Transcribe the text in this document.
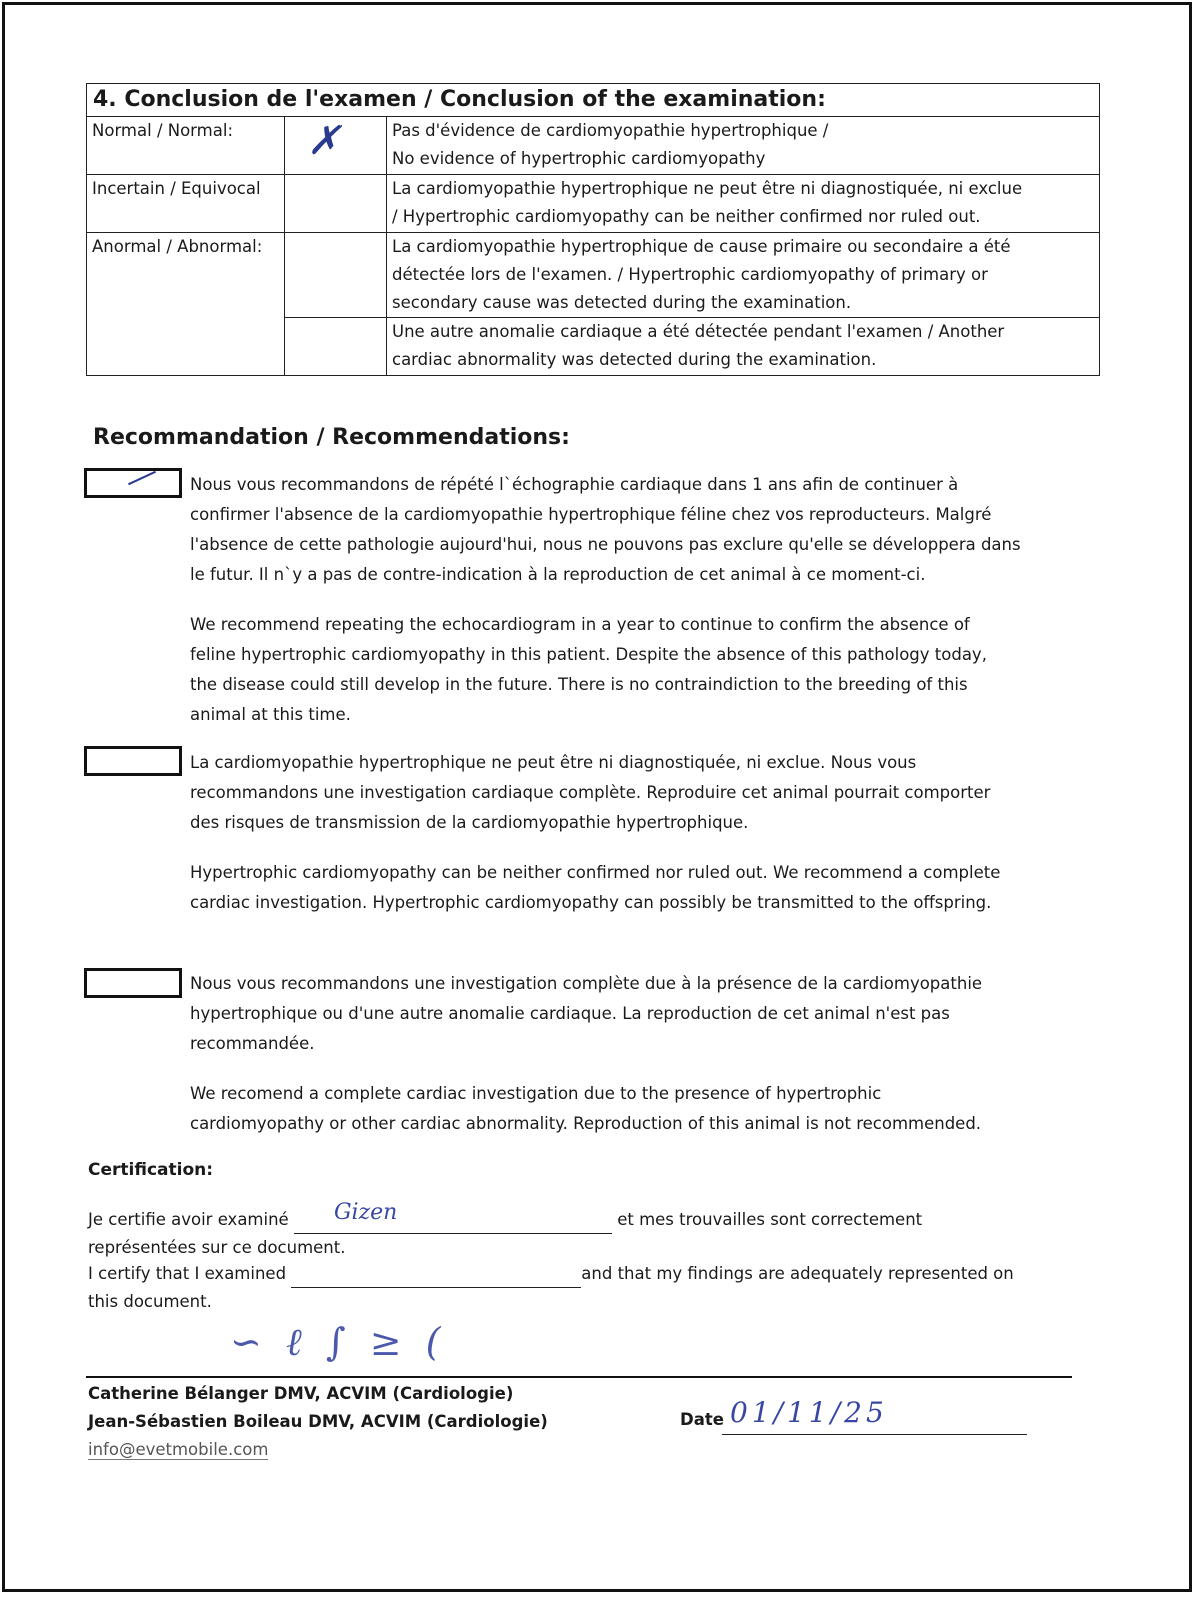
4. Conclusion de l'examen / Conclusion of the examination:		
Normal / Normal:	✗	Pas d'évidence de cardiomyopathie hypertrophique /
No evidence of hypertrophic cardiomyopathy

Incertain / Equivocal		La cardiomyopathie hypertrophique ne peut être ni diagnostiquée, ni exclue
/ Hypertrophic cardiomyopathy can be neither confirmed nor ruled out.

Anormal / Abnormal:		La cardiomyopathie hypertrophique de cause primaire ou secondaire a été
détectée lors de l'examen. / Hypertrophic cardiomyopathy of primary or
secondary cause was detected during the examination.

		Une autre anomalie cardiaque a été détectée pendant l'examen / Another
cardiac abnormality was detected during the examination.
Recommandation / Recommendations:

Nous vous recommandons de répété l`échographie cardiaque dans 1 ans afin de continuer à

confirmer l'absence de la cardiomyopathie hypertrophique féline chez vos reproducteurs. Malgré

l'absence de cette pathologie aujourd'hui, nous ne pouvons pas exclure qu'elle se développera dans

le futur. Il n`y a pas de contre-indication à la reproduction de cet animal à ce moment-ci.

We recommend repeating the echocardiogram in a year to continue to confirm the absence of

feline hypertrophic cardiomyopathy in this patient. Despite the absence of this pathology today,

the disease could still develop in the future. There is no contraindiction to the breeding of this

animal at this time.

La cardiomyopathie hypertrophique ne peut être ni diagnostiquée, ni exclue. Nous vous

recommandons une investigation cardiaque complète. Reproduire cet animal pourrait comporter

des risques de transmission de la cardiomyopathie hypertrophique.

Hypertrophic cardiomyopathy can be neither confirmed nor ruled out. We recommend a complete

cardiac investigation. Hypertrophic cardiomyopathy can possibly be transmitted to the offspring.

Nous vous recommandons une investigation complète due à la présence de la cardiomyopathie

hypertrophique ou d'une autre anomalie cardiaque. La reproduction de cet animal n'est pas

recommandée.

We recomend a complete cardiac investigation due to the presence of hypertrophic

cardiomyopathy or other cardiac abnormality. Reproduction of this animal is not recommended.

Certification:
Je certifie avoir examiné Gizen	et mes trouvailles sont correctement
représentées sur ce document.
I certify that I examined	and that my findings are adequately represented on
this document.
∽ ℓ ∫ ≥ (
Catherine Bélanger DMV, ACVIM (Cardiologie)
Jean-Sébastien Boileau DMV, ACVIM (Cardiologie)
info@evetmobile.com
Date 01/11/25
